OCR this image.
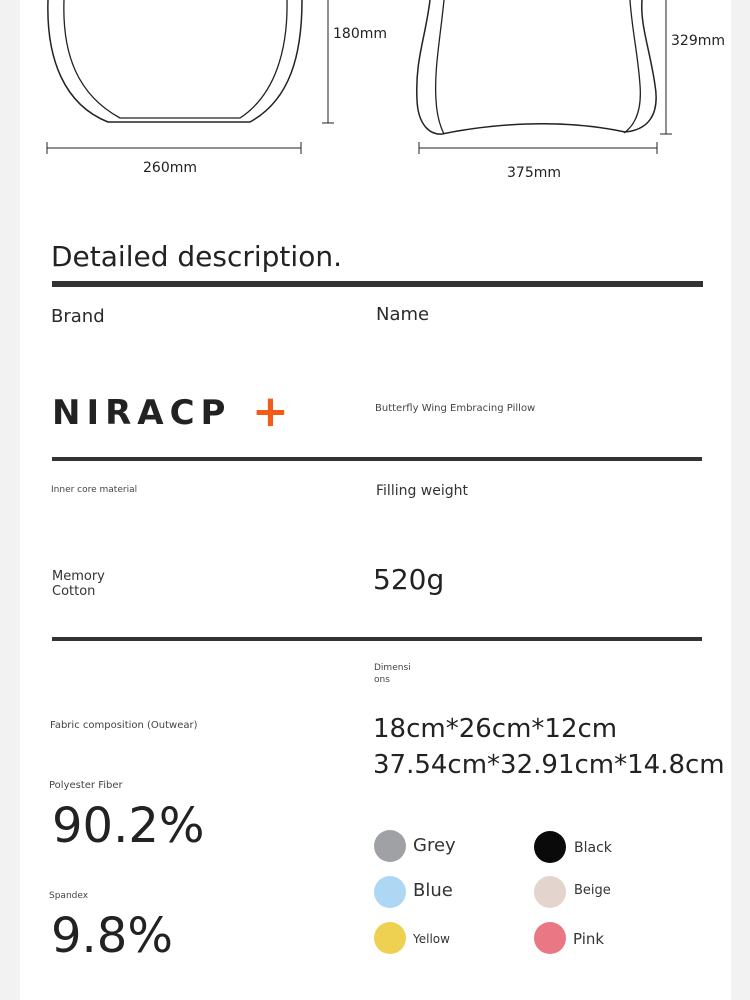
180mm
260mm
329mm
375mm
Detailed description.
Brand	Name
NIRACP +	Butterfly Wing Embracing Pillow
Inner core material	Filling weight
Memory
Cotton	520g
Fabric composition (Outwear)
Polyester Fiber
90.2%
Spandex
9.8%
Dimensi
ons
18cm*26cm*12cm
37.54cm*32.91cm*14.8cm
Grey	Black
Blue	Beige
Yellow	Pink
